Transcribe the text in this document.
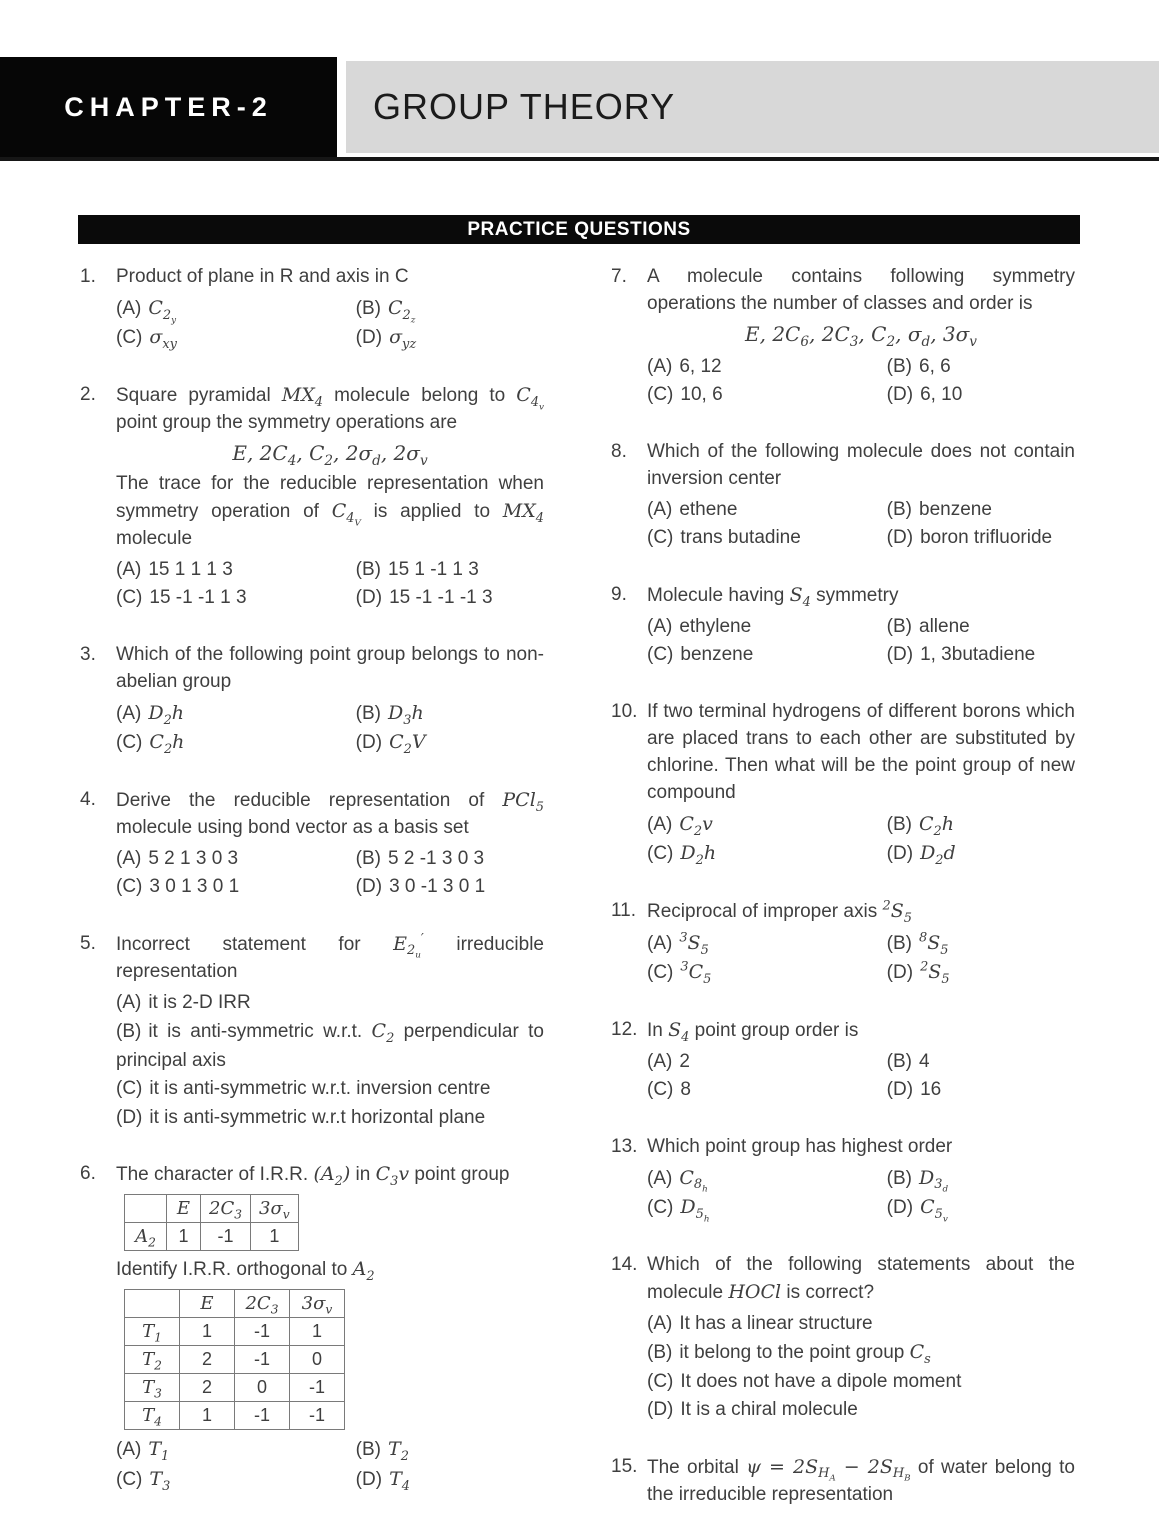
CHAPTER-2	GROUP THEORY
PRACTICE QUESTIONS
1.	Product of plane in R and axis in C
(A) $C_{2_y}$
(B) $C_{2_z}$
(C) $\sigma_{xy}$	(D) $\sigma_{yz}$
2.	Square pyramidal $MX_4$ molecule belong to $C_{4_v}$ point group the symmetry operations are
E, $2C_4$, $C_2$, $2\sigma_d$, $2\sigma_v$
The trace for the reducible representation when symmetry operation of $C_{4_V}$ is applied to $MX_4$ molecule
(A) 15 1 1 1 3	(B) 15 1 -1 1 3
(C) 15 -1 -1 1 3	(D) 15 -1 -1 -1 3
3.	Which of the following point group belongs to non-abelian group
(A) $D_2h$	(B) $D_3h$
(C) $C_2h$	(D) $C_2V$
4.	Derive the reducible representation of PCl$_5$ molecule using bond vector as a basis set
(A) 5 2 1 3 0 3	(B) 5 2 -1 3 0 3
(C) 3 0 1 3 0 1	(D) 3 0 -1 3 0 1
5.	Incorrect statement for $E_{2_u}'$ irreducible representation
(A) it is 2-D IRR
(B) it is anti-symmetric w.r.t. $C_2$ perpendicular to principal axis
(C) it is anti-symmetric w.r.t. inversion centre
(D) it is anti-symmetric w.r.t horizontal plane
6.	The character of I.R.R. $(A_2)$ in $C_3v$ point group
	E	$2C_3$	$3\sigma_v$
$A_2$	1	-1	1
Identify I.R.R. orthogonal to $A_2$
	E	$2C_3$	$3\sigma_v$
$T_1$	1	-1	1
$T_2$	2	-1	0
$T_3$	2	0	-1
$T_4$	1	-1	-1
(A) $T_1$	(B) $T_2$
(C) $T_3$	(D) $T_4$
7.	A molecule contains following symmetry operations the number of classes and order is
E, $2C_6$, $2C_3$, $C_2$, $\sigma_d$, $3\sigma_v$
(A) 6, 12	(B) 6, 6
(C) 10, 6	(D) 6, 10
8.	Which of the following molecule does not contain inversion center
(A) ethene	(B) benzene
(C) trans butadine	(D) boron trifluoride
9.	Molecule having $S_4$ symmetry
(A) ethylene	(B) allene
(C) benzene	(D) 1, 3butadiene
10. If two terminal hydrogens of different borons which are placed trans to each other are substituted by chlorine. Then what will be the point group of new compound
(A) $C_2v$	(B) $C_2h$
(C) $D_2h$	(D) $D_2d$
11. Reciprocal of improper axis $^2S_5$
(A) $^3S_5$	(B) $^8S_5$
(C) $^3C_5$	(D) $^2S_5$
12. In $S_4$ point group order is
(A) 2	(B) 4
(C) 8	(D) 16
13. Which point group has highest order
(A) $C_{8_h}$
(B) $D_{3_d}$
(C) $D_{5_h}$
(D) $C_{5_v}$
14. Which of the following statements about the molecule HOCl is correct?
(A) It has a linear structure
(B) it belong to the point group $C_s$
(C) It does not have a dipole moment
(D) It is a chiral molecule
15. The orbital $\psi = 2S_{H_A} - 2S_{H_B}$ of water belong to the irreducible representation
